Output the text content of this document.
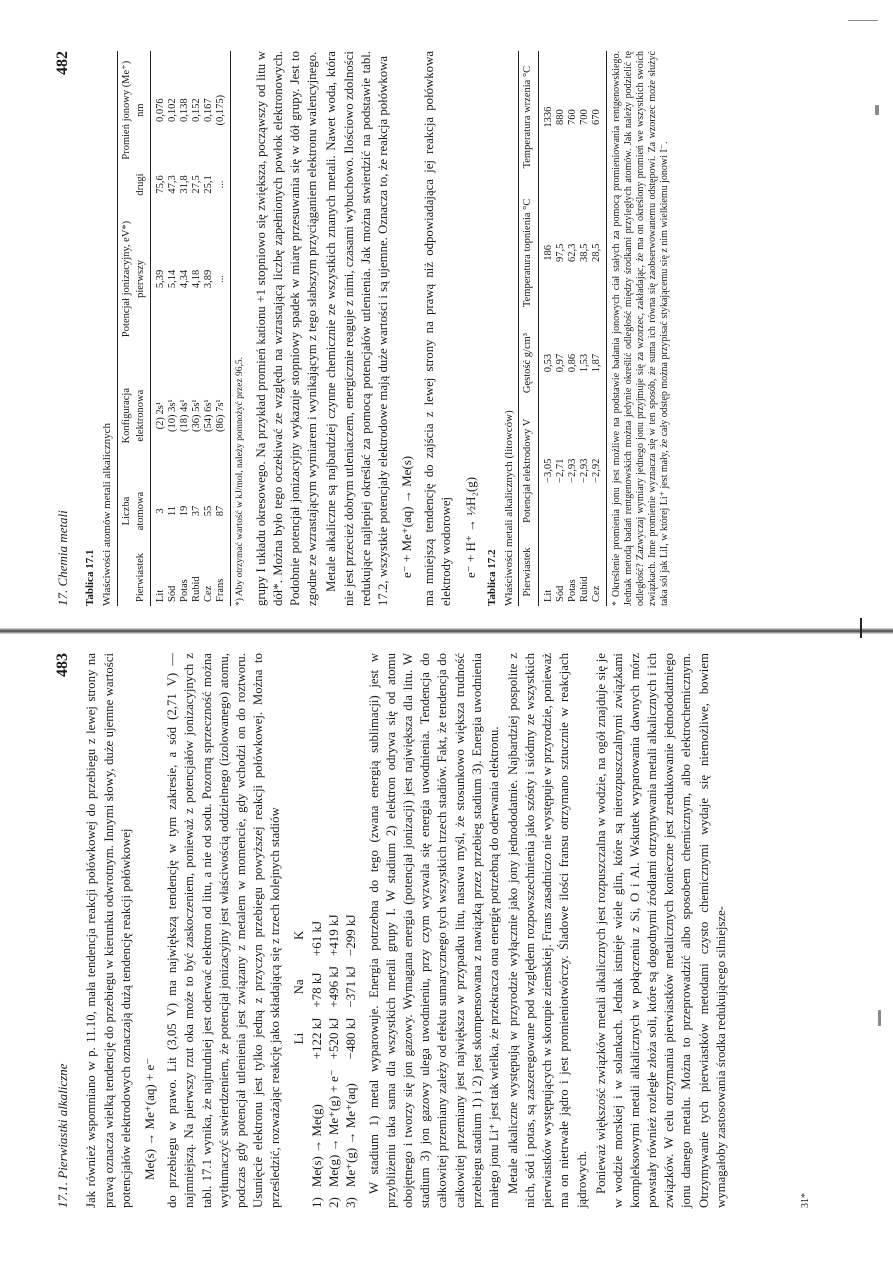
17. Chemia metali
482
Tablica 17.1 Właściwości atomów metali alkalicznych Pierwiastek	Liczba atomowa	Konfiguracja elektronowa	Potencjał jonizacyjny, eV*) pierwszy	drugi	Promień jonowy (Me⁺) nm
Lit	3	(2) 2s¹	5,39	75,6	0,076
Sód	11	(10) 3s¹	5,14	47,3	0,102
Potas	19	(18) 4s¹	4,34	31,8	0,138
Rubid	37	(36) 5s¹	4,18	27,5	0,152
Cez	55	(54) 6s¹	3,89	25,1	0,167
Frans	87	(86) 7s¹	...	...	(0,175)
*) Aby otrzymać wartość w kJ/mol, należy pomnożyć przez 96,5. grupy I układu okresowego. Na przykład promień kationu +1 stopniowo się zwiększa, począwszy od litu w dół*. Można było tego oczekiwać ze względu na wzrastającą liczbę zapełnionych powłok elektronowych. Podobnie potencjał jonizacyjny wykazuje stopniowy spadek w miarę przesuwania się w dół grupy. Jest to zgodne ze wzrastającym wymiarem i wynikającym z tego słabszym przyciąganiem elektronu walencyjnego. Metale alkaliczne są najbardziej czynne chemicznie ze wszystkich znanych metali. Nawet woda, która nie jest przecież dobrym utleniaczem, energicznie reaguje z nimi, czasami wybuchowo. Ilościowo zdolności redukujące najlepiej określać za pomocą potencjałów utlenienia. Jak można stwierdzić na podstawie tabl. 17.2, wszystkie potencjały elektrodowe mają duże wartości i są ujemne. Oznacza to, że reakcja połówkowa e⁻ + Me⁺(aq) → Me(s) ma mniejszą tendencję do zajścia z lewej strony na prawą niż odpowiadająca jej reakcja połówkowa elektrody wodorowej e⁻ + H⁺ → ½H₂(g) Tablica 17.2 Właściwości metali alkalicznych (litowców) Pierwiastek	Potencjał elektrodowy V	Gęstość g/cm³	Temperatura topnienia °C	Temperatura wrzenia °C
Lit	−3,05	0,53	186	1336
Sód	−2,71	0,97	97,5	880
Potas	−2,93	0,86	62,3	760
Rubid	−2,93	1,53	38,5	700
Cez	−2,92	1,87	28,5	670 * Określenie promienia jonu jest możliwe na podstawie badania jonowych ciał stałych za pomocą promieniowania rentgenowskiego. Jednak metodą badań rentgenowskich można jedynie określić odległość między środkami przyległych atomów. Jak należy podzielić tę odległość? Zazwyczaj wymiary jednego jonu przyjmuje się za wzorzec, zakładając, że ma on określony promień we wszystkich swoich związkach. Inne promienie wyznacza się w ten sposób, że suma ich równa się zaobserwowanemu odstępowi. Za wzorzec może służyć taka sól jak LiI, w której Li⁺ jest mały, że cały odstęp można przypisać stykającemu się z nim wielkiemu jonowi I⁻.
17.1. Pierwiastki alkaliczne
483 Jak również wspomniano w p. 11.10, mała tendencja reakcji połówkowej do przebiegu z lewej strony na prawą oznacza wielką tendencję do przebiegu w kierunku odwrotnym. Innymi słowy, duże ujemne wartości potencjałów elektrodowych oznaczają dużą tendencję reakcji połówkowej Me(s) → Me⁺(aq) + e⁻ do przebiegu w prawo. Lit (3,05 V) ma największą tendencję w tym zakresie, a sód (2,71 V) — najmniejszą. Na pierwszy rzut oka może to być zaskoczeniem, ponieważ z potencjałów jonizacyjnych z tabl. 17.1 wynika, że najtrudniej jest oderwać elektron od litu, a nie od sodu. Pozorną sprzeczność można wytłumaczyć stwierdzeniem, że potencjał jonizacyjny jest właściwością oddzielnego (izolowanego) atomu, podczas gdy potencjał utlenienia jest związany z metalem w momencie, gdy wchodzi on do roztworu. Usunięcie elektronu jest tylko jedną z przyczyn przebiegu powyższej reakcji połówkowej. Można to prześledzić, rozważając reakcję jako składającą się z trzech kolejnych stadiów

		Li	Na	K
1)	Me(s) → Me(g)	+122 kJ	+78 kJ	+61 kJ
2)	Me(g) → Me⁺(g) + e⁻	+520 kJ	+496 kJ	+419 kJ
3)	Me⁺(g) → Me⁺(aq)	−480 kJ	−371 kJ	−299 kJ W stadium 1) metal wyparowuje. Energia potrzebna do tego (zwana energią sublimacji) jest w przybliżeniu taka sama dla wszystkich metali grupy I. W stadium 2) elektron odrywa się od atomu obojętnego i tworzy się jon gazowy. Wymagana energia (potencjał jonizacji) jest największa dla litu. W stadium 3) jon gazowy ulega uwodnieniu, przy czym wyzwala się energia uwodnienia. Tendencja do całkowitej przemiany zależy od efektu sumarycznego tych wszystkich trzech stadiów. Fakt, że tendencja do całkowitej przemiany jest największa w przypadku litu, nasuwa myśl, że stosunkowo większa trudność przebiegu stadium 1) i 2) jest skompensowana z nawiązką przez przebieg stadium 3). Energia uwodnienia małego jonu Li⁺ jest tak wielka, że przekracza ona energię potrzebną do oderwania elektronu. Metale alkaliczne występują w przyrodzie wyłącznie jako jony jednododatnie. Najbardziej pospolite z nich, sód i potas, są zaszeregowane pod względem rozpowszechnienia jako szósty i siódmy ze wszystkich pierwiastków występujących w skorupie ziemskiej. Frans zasadniczo nie występuje w przyrodzie, ponieważ ma on nietrwałe jądro i jest promieniotwórczy. Śladowe ilości fransu otrzymano sztucznie w reakcjach jądrowych. Ponieważ większość związków metali alkalicznych jest rozpuszczalna w wodzie, na ogół znajduje się je w wodzie morskiej i w solankach. Jednak istnieje wiele glin, które są nierozpuszczalnymi związkami kompleksowymi metali alkalicznych w połączeniu z Si, O i Al. Wskutek wyparowania dawnych mórz powstały również rozległe złoża soli, które są dogodnymi źródłami otrzymywania metali alkalicznych i ich związków. W celu otrzymania pierwiastków metalicznych konieczne jest zredukowanie jednododatniego jonu danego metalu. Można to przeprowadzić albo sposobem chemicznym, albo elektrochemicznym. Otrzymywanie tych pierwiastków metodami czysto chemicznymi wydaje się niemożliwe, bowiem wymagałoby zastosowania środka redukującego silniejsze-	31*
